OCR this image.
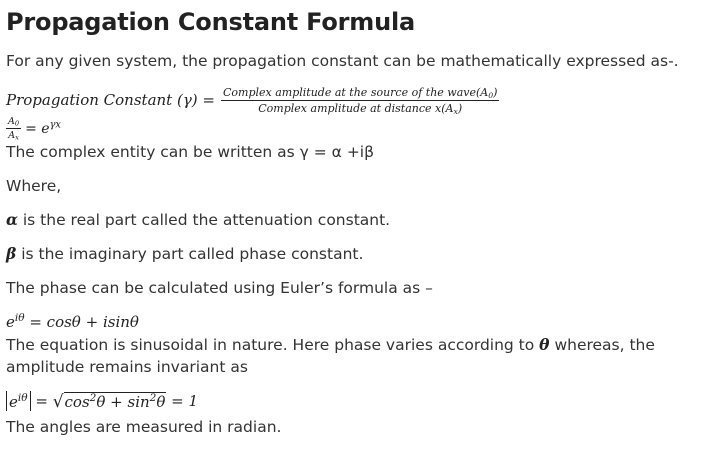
Propagation Constant Formula
For any given system, the propagation constant can be mathematically expressed as-.
Propagation Constant $(\gamma) = \frac{Complex amplitude at the source of the wave(A_0)}{Complex amplitude at distance x(A_x)}$
$\frac{A_0}{A_x} = e^{\gamma x}$
The complex entity can be written as γ = α +iβ
Where,
α is the real part called the attenuation constant.
β is the imaginary part called phase constant.
The phase can be calculated using Euler’s formula as –
$e^{i\theta} = \cos\theta + isin\theta$
The equation is sinusoidal in nature. Here phase varies according to θ whereas, the
amplitude remains invariant as
$e^{i\theta}$ = √ $\cos^2\theta + \sin^2\theta = 1$
The angles are measured in radian.
